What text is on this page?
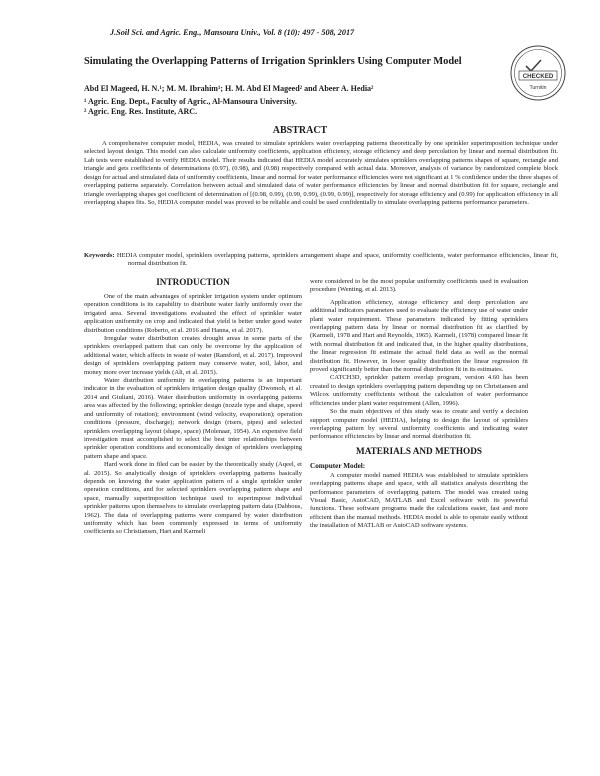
J.Soil Sci. and Agric. Eng., Mansoura Univ., Vol. 8 (10): 497 - 508, 2017
CHECKED
Turnitin
Simulating the Overlapping Patterns of Irrigation Sprinklers Using Computer Model
Abd El Mageed, H. N.¹; M. M. Ibrahim¹; H. M. Abd El Mageed² and Abeer A. Hedia²
¹ Agric. Eng. Dept., Faculty of Agric., Al-Mansoura University.
² Agric. Eng. Res. Institute, ARC.
ABSTRACT

A comprehensive computer model, HEDIA, was created to simulate sprinklers water overlapping patterns theoretically by one sprinkler superimposition technique under selected layout design. This model can also calculate uniformity coefficients, application efficiency, storage efficiency and deep percolation by linear and normal distribution fit. Lab tests were established to verify HEDIA model. Their results indicated that HEDIA model accurately simulates sprinklers overlapping patterns shapes of square, rectangle and triangle and gets coefficients of determinations (0.97), (0.98), and (0.98) respectively compared with actual data. Moreover, analysis of variance by randomized complete block design for actual and simulated data of uniformity coefficients, linear and normal for water performance efficiencies were not significant at 1 % confidence under the three shapes of overlapping patterns separately. Correlation between actual and simulated data of water performance efficiencies by linear and normal distribution fit for square, rectangle and triangle overlapping shapes got coefficient of determination of [(0.98, 0.99), (0.99, 0.99), (0.99, 0.99)], respectively for storage efficiency and (0.99) for application efficiency in all overlapping shapes fits. So, HEDIA computer model was proved to be reliable and could be used confidentially to simulate overlapping patterns performance parameters.

Keywords: HEDIA computer model, sprinklers overlapping patterns, sprinklers arrangement shape and space, uniformity coefficients, water performance efficiencies, linear fit, normal distribution fit.

INTRODUCTION

One of the main advantages of sprinkler irrigation system under optimum operation conditions is its capability to distribute water fairly uniformly over the irrigated area. Several investigations evaluated the effect of sprinkler water application uniformity on crop and indicated that yield is better under good water distribution conditions (Roberto, et al. 2016 and Hanna, et al. 2017).

Irregular water distribution creates drought areas in some parts of the sprinklers overlapped pattern that can only be overcome by the application of additional water, which affects in waste of water (Ransford, et al. 2017). Improved design of sprinklers overlapping pattern may conserve water, soil, labor, and money more over increase yields (Ali, et al. 2015).

Water distribution uniformity in overlapping patterns is an important indicator in the evaluation of sprinklers irrigation design quality (Dwomoh, et al. 2014 and Giuliani, 2016). Water distribution uniformity in overlapping patterns area was affected by the following; sprinkler design (nozzle type and shape, speed and uniformity of rotation); environment (wind velocity, evaporation); operation conditions (pressure, discharge); network design (risers, pipes) and selected sprinklers overlapping layout (shape, space) (Molenaar, 1954). An expensive field investigation must accomplished to select the best inter relationships between sprinkler operation conditions and economically design of sprinklers overlapping pattern shape and space.

Hard work done in filed can be easier by the theoretically study (Aqeel, et al. 2015). So analytically design of sprinklers overlapping patterns basically depends on knowing the water application pattern of a single sprinkler under operation conditions, and for selected sprinklers overlapping pattern shape and space, manually superimposition technique used to superimpose individual sprinkler patterns upon themselves to simulate overlapping pattern data (Dabbous, 1962). The data of overlapping patterns were compared by water distribution uniformity which has been commonly expressed in terms of uniformity coefficients so Christiansen, Hart and Karmeli

were considered to be the most popular uniformity coefficients used in evaluation procedure (Wenting, et al. 2013).

Application efficiency, storage efficiency and deep percolation are additional indicators parameters used to evaluate the efficiency use of water under plant water requirement. These parameters indicated by fitting sprinklers overlapping pattern data by linear or normal distribution fit as clarified by (Karmeli, 1978 and Hart and Reynolds, 1965). Karmeli, (1978) compared linear fit with normal distribution fit and indicated that, in the higher quality distributions, the linear regression fit estimate the actual field data as well as the normal distribution fit. However, in lower quality distribution the linear regression fit proved significantly better than the normal distribution fit in its estimates.

CATCH3D, sprinkler pattern overlap program, version 4.60 has been created to design sprinklers overlapping pattern depending up on Christiansen and Wilcox uniformity coefficients without the calculation of water performance efficiencies under plant water requirement (Allen, 1996).

So the main objectives of this study was to create and verify a decision support computer model (HEDIA), helping to design the layout of sprinklers overlapping pattern by several uniformity coefficients and indicating water performance efficiencies by linear and normal distribution fit.

MATERIALS AND METHODS
Computer Model:

A computer model named HEDIA was established to simulate sprinklers overlapping patterns shape and space, with all statistics analysis describing the performance parameters of overlapping pattern. The model was created using Visual Basic, AutoCAD, MATLAB and Excel software with its powerful functions. These software programs made the calculations easier, fast and more efficient than the manual methods. HEDIA model is able to operate easily without the installation of MATLAB or AutoCAD software systems.
